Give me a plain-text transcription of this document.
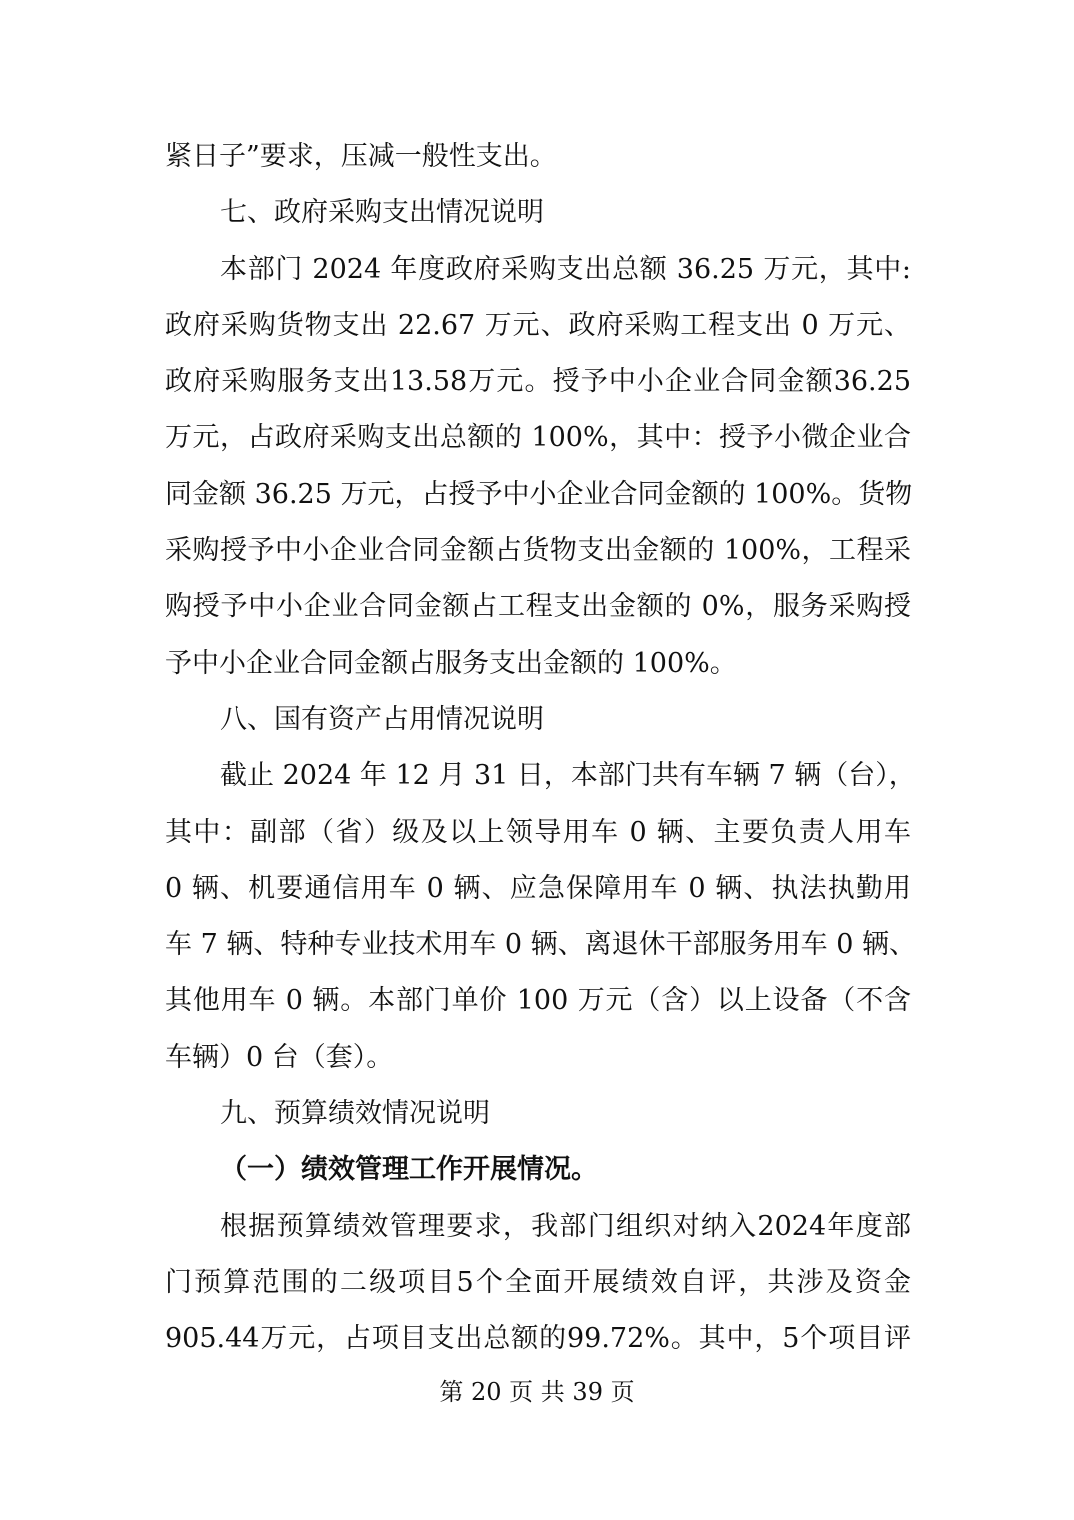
紧日子”要求，压减一般性支出。
七、政府采购支出情况说明
本部门 2024 年度政府采购支出总额 36.25 万元，其中:
政府采购货物支出 22.67 万元、政府采购工程支出 0 万元、
政府采购服务支出13.58万元。授予中小企业合同金额36.25
万元，占政府采购支出总额的 100%，其中：授予小微企业合
同金额 36.25 万元，占授予中小企业合同金额的 100%。货物
采购授予中小企业合同金额占货物支出金额的 100%，工程采
购授予中小企业合同金额占工程支出金额的 0%，服务采购授
予中小企业合同金额占服务支出金额的 100%。
八、国有资产占用情况说明
截止 2024 年 12 月 31 日，本部门共有车辆 7 辆（台），
其中：副部（省）级及以上领导用车 0 辆、主要负责人用车
0 辆、机要通信用车 0 辆、应急保障用车 0 辆、执法执勤用
车 7 辆、特种专业技术用车 0 辆、离退休干部服务用车 0 辆、
其他用车 0 辆。本部门单价 100 万元（含）以上设备（不含
车辆）0 台（套）。
九、预算绩效情况说明
（一）绩效管理工作开展情况。
根据预算绩效管理要求，我部门组织对纳入2024年度部
门预算范围的二级项目5个全面开展绩效自评，共涉及资金
905.44万元，占项目支出总额的99.72%。其中，5个项目评
第 20 页 共 39 页
